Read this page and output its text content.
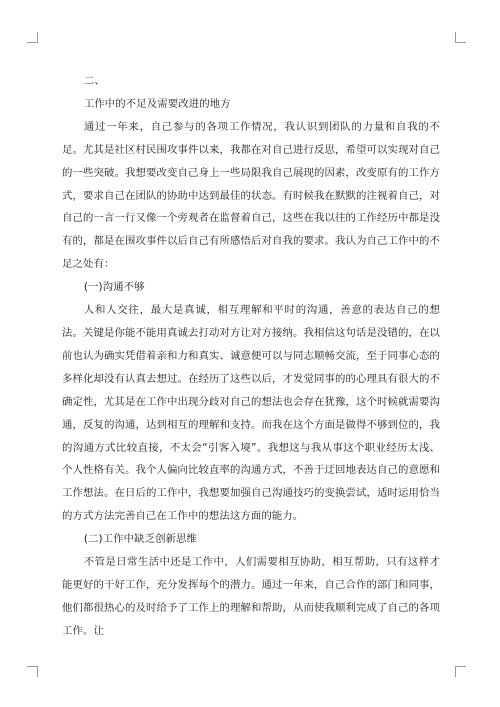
二、

工作中的不足及需要改进的地方

通过一年来，自己参与的各项工作情况，我认识到团队的力量和自我的不足。尤其是社区村民围攻事件以来，我都在对自己进行反思，希望可以实现对自己的一些突破。我想要改变自己身上一些局限我自己展现的因素，改变原有的工作方式，要求自己在团队的协助中达到最佳的状态。有时候我在默默的注视着自己，对自己的一言一行又像一个旁观者在监督着自己，这些在我以往的工作经历中都是没有的，都是在围攻事件以后自己有所感悟后对自我的要求。我认为自己工作中的不足之处有：

(一)沟通不够

人和人交往，最大是真诚，相互理解和平时的沟通，善意的表达自己的想法。关键是你能不能用真诚去打动对方让对方接纳。我相信这句话是没错的，在以前也认为确实凭借着亲和力和真实、诚意便可以与同志顺畅交流，至于同事心态的多样化却没有认真去想过。在经历了这些以后，才发觉同事的的心理具有很大的不确定性，尤其是在工作中出现分歧对自己的想法也会存在犹豫，这个时候就需要沟通，反复的沟通，达到相互的理解和支持。而我在这个方面是做得不够到位的，我的沟通方式比较直接，不太会“引客入境”。我想这与我从事这个职业经历太浅、个人性格有关。我个人偏向比较直率的沟通方式，不善于迂回地表达自己的意愿和工作想法。在日后的工作中，我想要加强自己沟通技巧的变换尝试，适时运用恰当的方式方法完善自己在工作中的想法这方面的能力。

(二)工作中缺乏创新思维

不管是日常生活中还是工作中，人们需要相互协助，相互帮助，只有这样才能更好的干好工作，充分发挥每个的潜力。通过一年来，自己合作的部门和同事，他们都很热心的及时给予了工作上的理解和帮助，从而使我顺利完成了自己的各项工作。让
